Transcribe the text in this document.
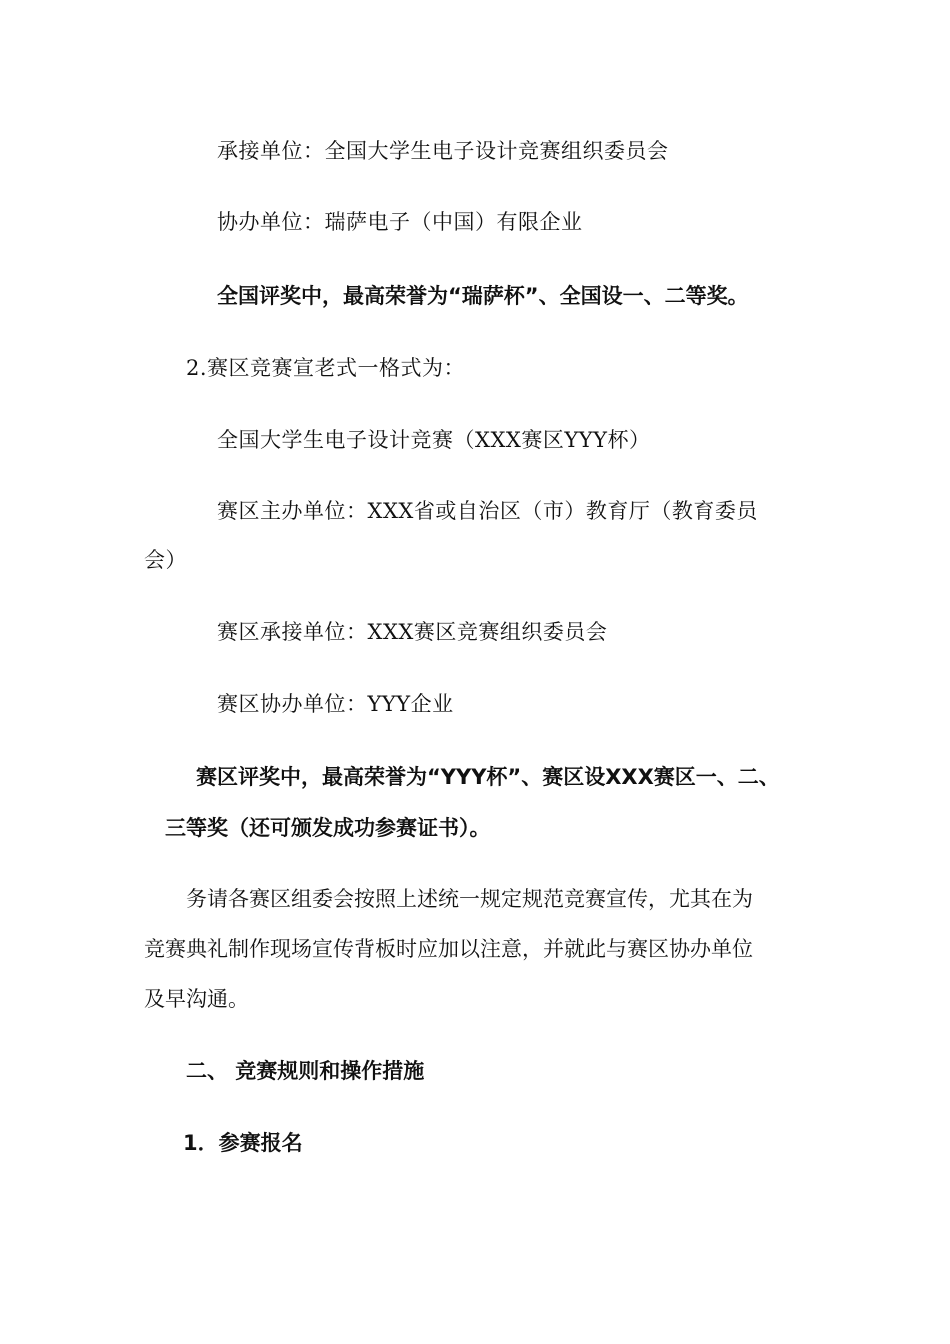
承接单位：全国大学生电子设计竞赛组织委员会
协办单位：瑞萨电子（中国）有限企业
全国评奖中，最高荣誉为“瑞萨杯”、全国设一、二等奖。
2.赛区竞赛宣老式一格式为：
全国大学生电子设计竞赛（XXX赛区YYY杯）
赛区主办单位：XXX省或自治区（市）教育厅（教育委员
会）
赛区承接单位：XXX赛区竞赛组织委员会
赛区协办单位：YYY企业
赛区评奖中，最高荣誉为“YYY杯”、赛区设XXX赛区一、二、
三等奖（还可颁发成功参赛证书）。
务请各赛区组委会按照上述统一规定规范竞赛宣传，尤其在为
竞赛典礼制作现场宣传背板时应加以注意，并就此与赛区协办单位
及早沟通。
二、 竞赛规则和操作措施
1．参赛报名
